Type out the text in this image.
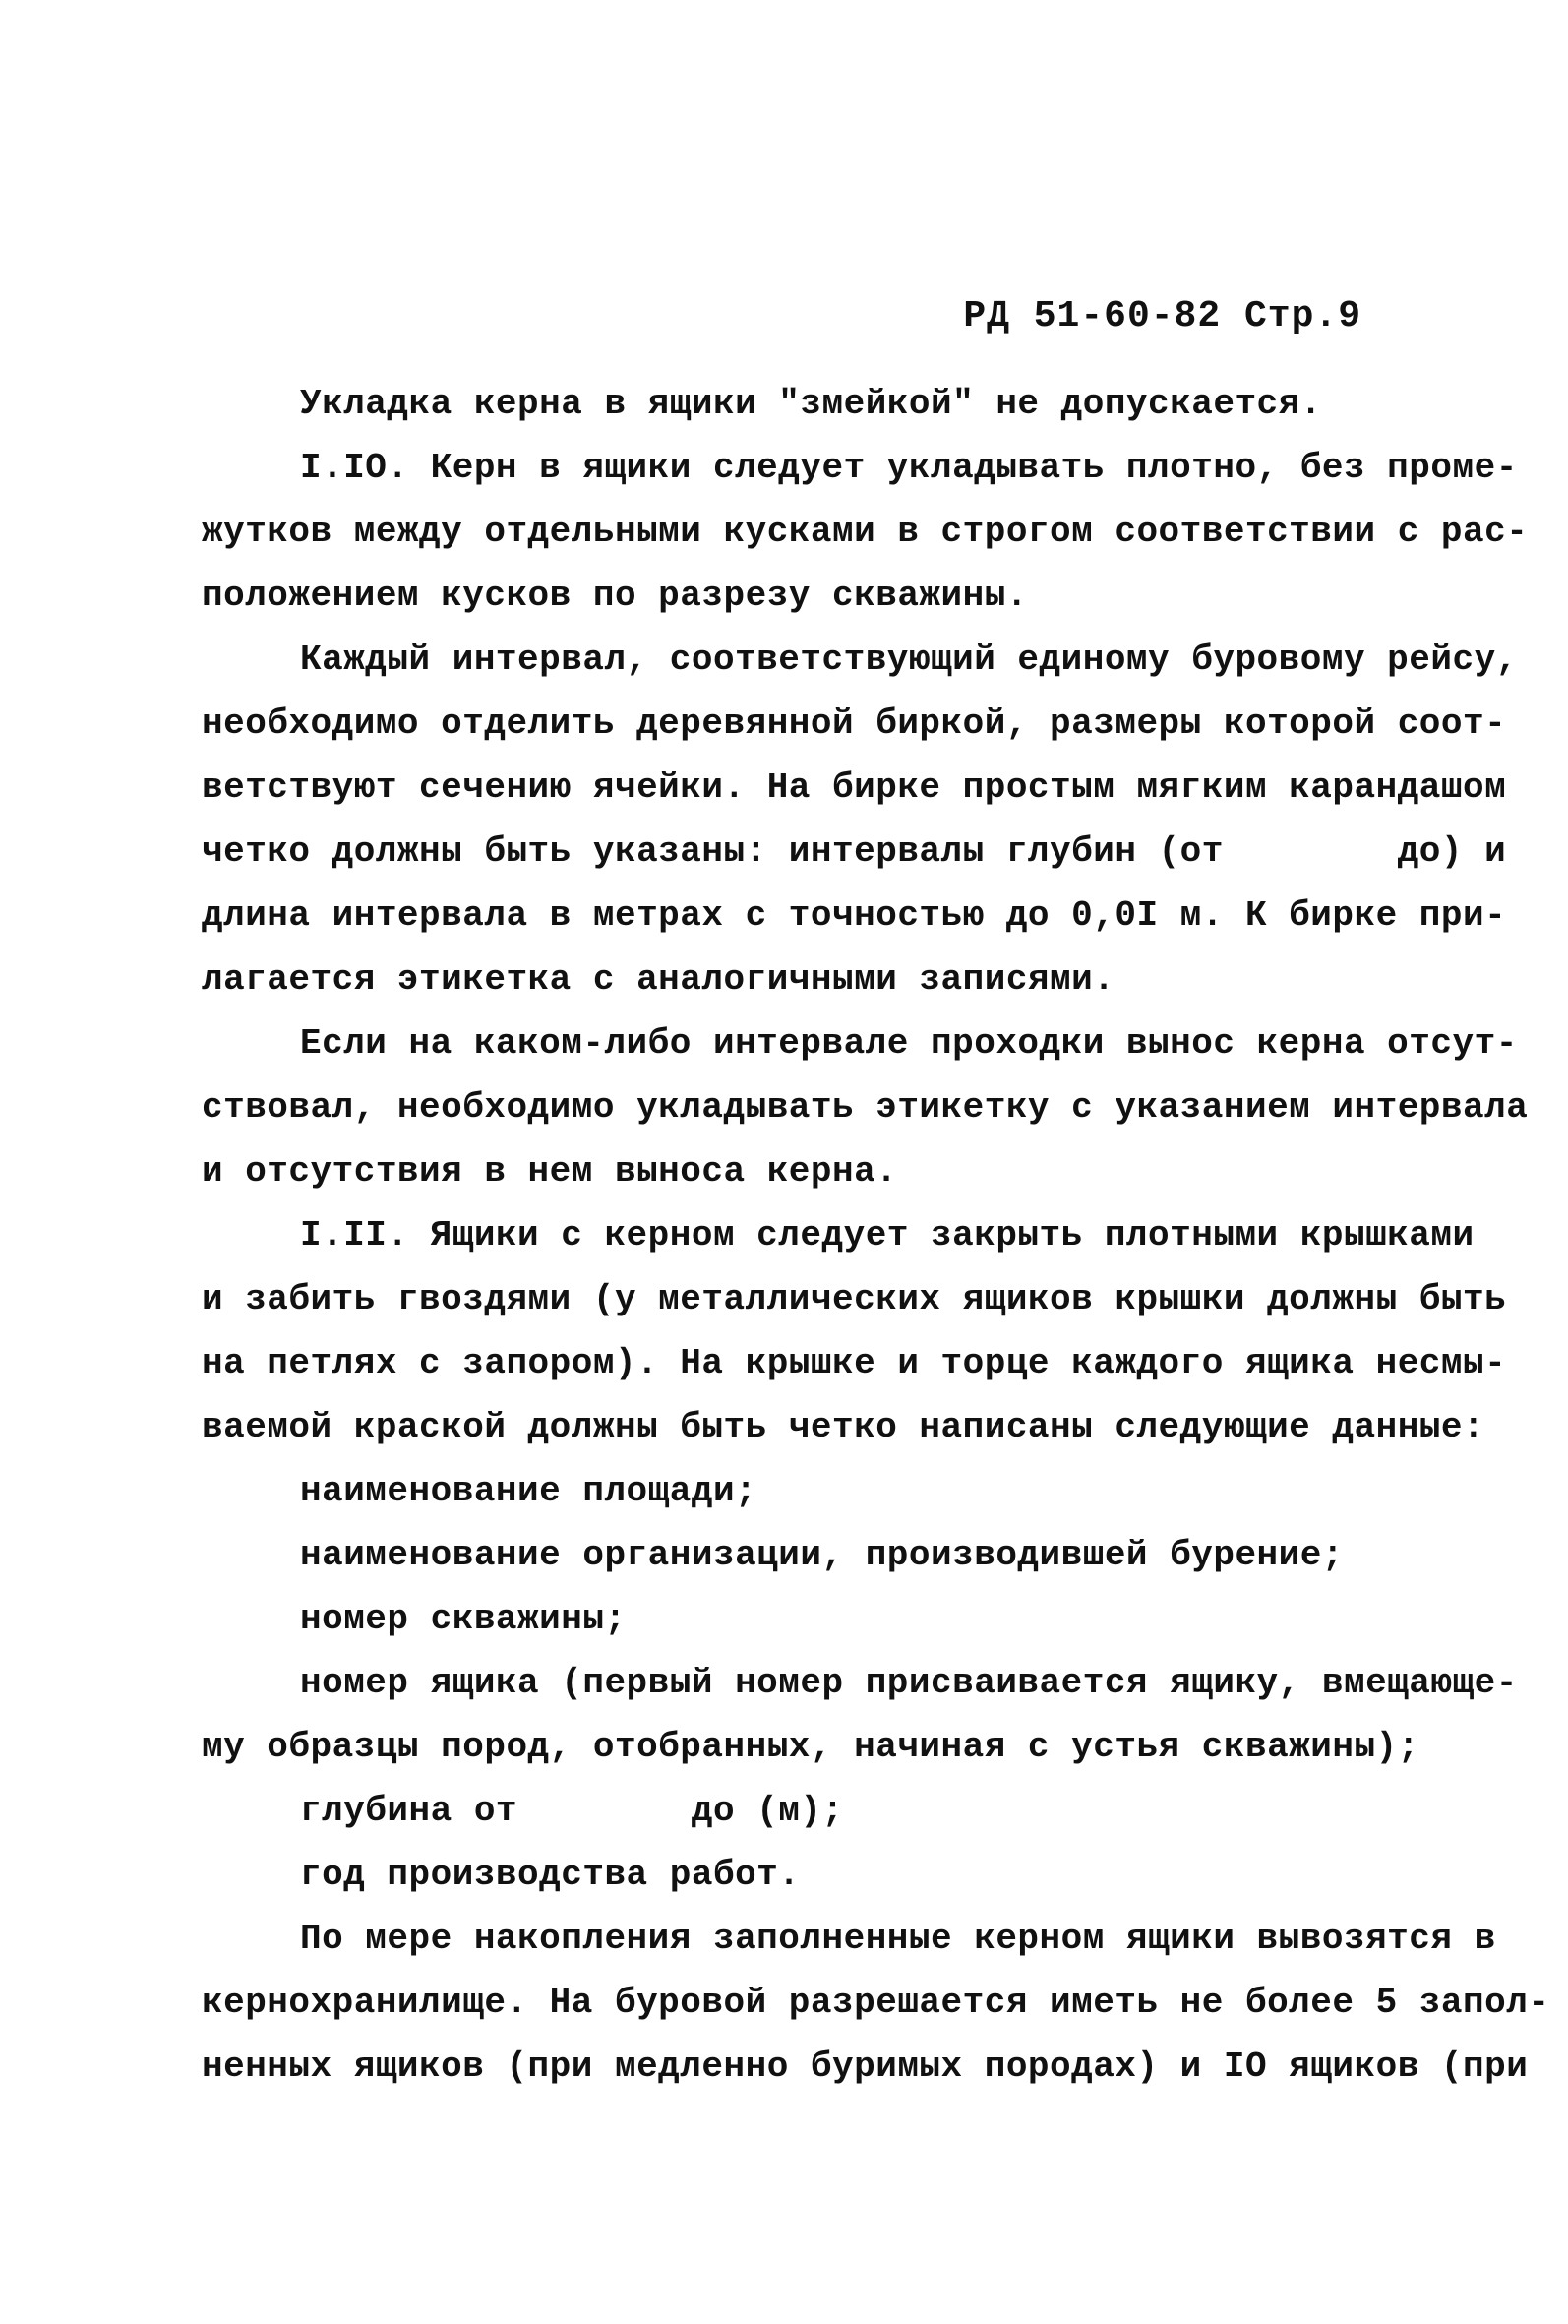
РД 51-60-82 Стр.9
Укладка керна в ящики "змейкой" не допускается.
I.IO. Керн в ящики следует укладывать плотно, без проме-
жутков между отдельными кусками в строгом соответствии с рас-
положением кусков по разрезу скважины.
Каждый интервал, соответствующий единому буровому рейсу,
необходимо отделить деревянной биркой, размеры которой соот-
ветствуют сечению ячейки. На бирке простым мягким карандашом
четко должны быть указаны: интервалы глубин (от        до) и
длина интервала в метрах с точностью до 0,0I м. К бирке при-
лагается этикетка с аналогичными записями.
Если на каком-либо интервале проходки вынос керна отсут-
ствовал, необходимо укладывать этикетку с указанием интервала
и отсутствия в нем выноса керна.
I.II. Ящики с керном следует закрыть плотными крышками
и забить гвоздями (у металлических ящиков крышки должны быть
на петлях с запором). На крышке и торце каждого ящика несмы-
ваемой краской должны быть четко написаны следующие данные:
наименование площади;
наименование организации, производившей бурение;
номер скважины;
номер ящика (первый номер присваивается ящику, вмещающе-
му образцы пород, отобранных, начиная с устья скважины);
глубина от        до (м);
год производства работ.
По мере накопления заполненные керном ящики вывозятся в
кернохранилище. На буровой разрешается иметь не более 5 запол-
ненных ящиков (при медленно буримых породах) и IO ящиков (при
